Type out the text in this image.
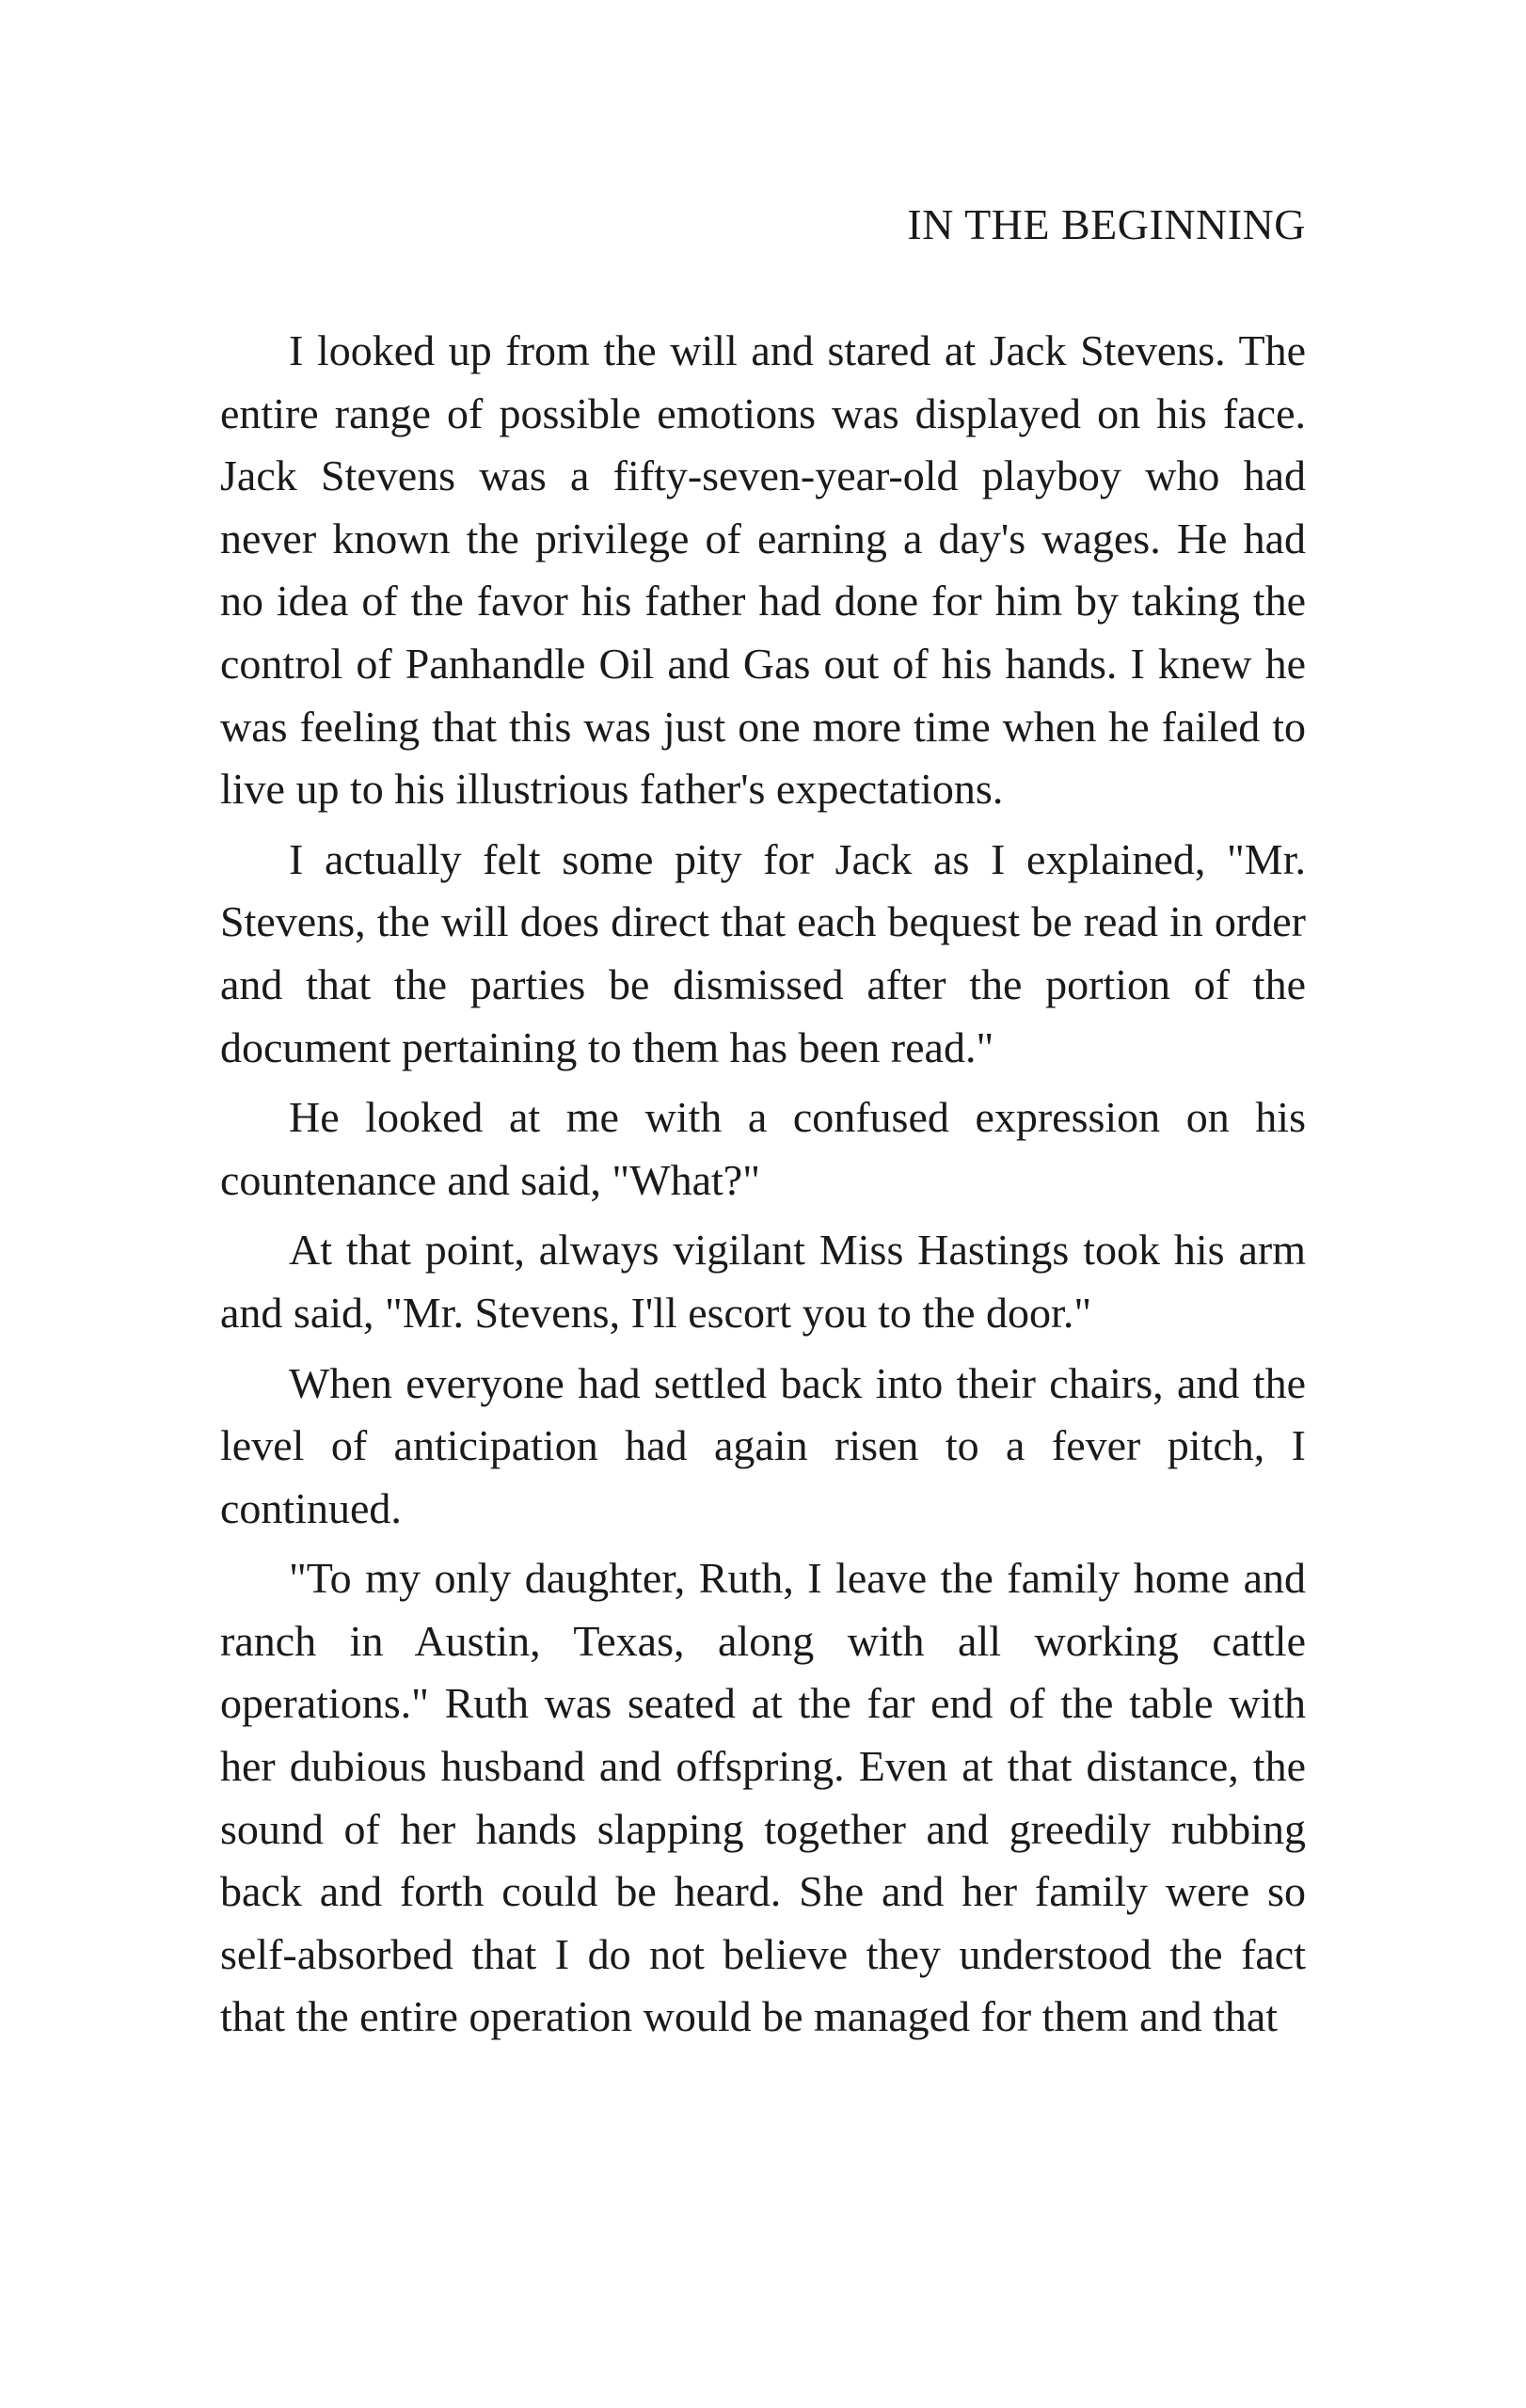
IN THE BEGINNING

I looked up from the will and stared at Jack Stevens. The entire range of possible emotions was displayed on his face. Jack Stevens was a fifty-seven-year-old playboy who had never known the privilege of earning a day's wages. He had no idea of the favor his father had done for him by taking the control of Panhandle Oil and Gas out of his hands. I knew he was feeling that this was just one more time when he failed to live up to his illustrious father's expectations.

I actually felt some pity for Jack as I explained, "Mr. Stevens, the will does direct that each bequest be read in order and that the parties be dismissed after the portion of the document pertaining to them has been read."

He looked at me with a confused expression on his countenance and said, "What?"

At that point, always vigilant Miss Hastings took his arm and said, "Mr. Stevens, I'll escort you to the door."

When everyone had settled back into their chairs, and the level of anticipation had again risen to a fever pitch, I continued.

"To my only daughter, Ruth, I leave the family home and ranch in Austin, Texas, along with all working cattle operations." Ruth was seated at the far end of the table with her dubious husband and offspring. Even at that distance, the sound of her hands slapping together and greedily rubbing back and forth could be heard. She and her family were so self-absorbed that I do not believe they understood the fact that the entire operation would be managed for them and that
